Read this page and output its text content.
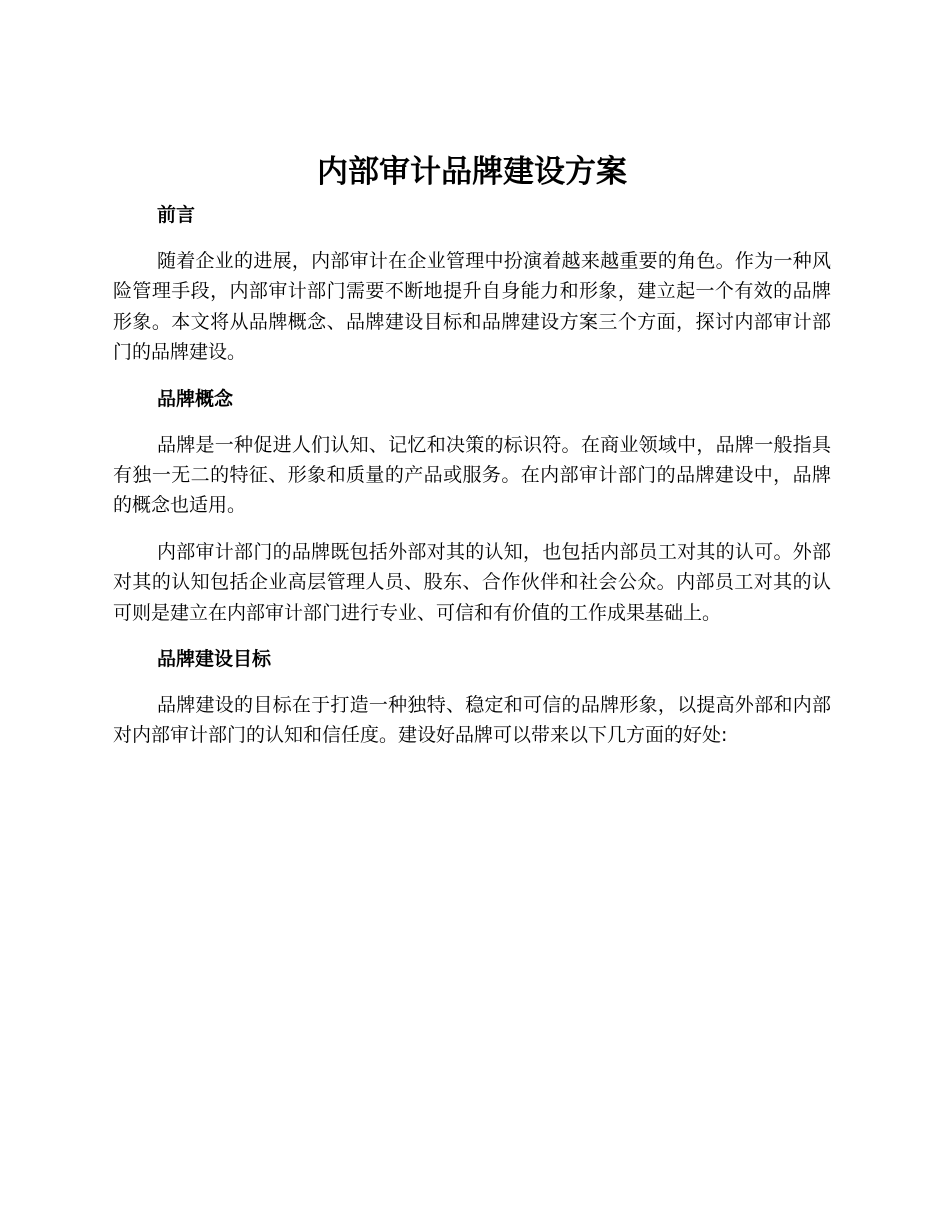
内部审计品牌建设方案
前言

随着企业的进展，内部审计在企业管理中扮演着越来越重要的角色。作为一种风险管理手段，内部审计部门需要不断地提升自身能力和形象，建立起一个有效的品牌形象。本文将从品牌概念、品牌建设目标和品牌建设方案三个方面，探讨内部审计部门的品牌建设。

品牌概念

品牌是一种促进人们认知、记忆和决策的标识符。在商业领域中，品牌一般指具有独一无二的特征、形象和质量的产品或服务。在内部审计部门的品牌建设中，品牌的概念也适用。

内部审计部门的品牌既包括外部对其的认知，也包括内部员工对其的认可。外部对其的认知包括企业高层管理人员、股东、合作伙伴和社会公众。内部员工对其的认可则是建立在内部审计部门进行专业、可信和有价值的工作成果基础上。

品牌建设目标

品牌建设的目标在于打造一种独特、稳定和可信的品牌形象，以提高外部和内部对内部审计部门的认知和信任度。建设好品牌可以带来以下几方面的好处:
